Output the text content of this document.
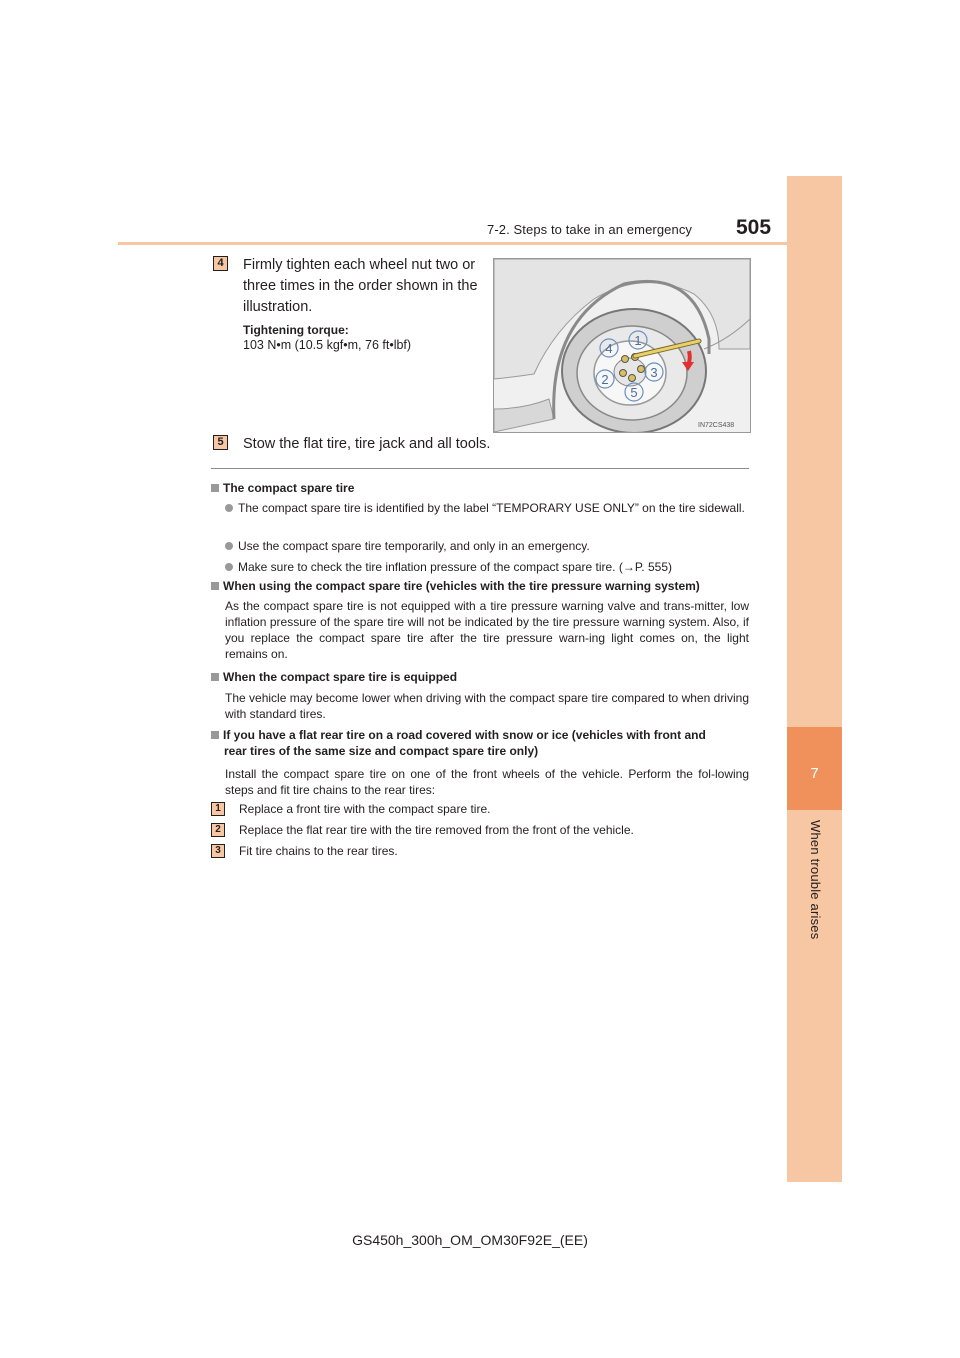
7-2. Steps to take in an emergency 505
7
When trouble arises
4	Firmly tighten each wheel nut two or three times in the order shown in the illustration.
Tightening torque:
103 N•m (10.5 kgf•m, 76 ft•lbf)	1
4
3
2
5
IN72CS438
5	Stow the flat tire, tire jack and all tools.
The compact spare tire
The compact spare tire is identified by the label “TEMPORARY USE ONLY” on the tire sidewall.
Use the compact spare tire temporarily, and only in an emergency.
Make sure to check the tire inflation pressure of the compact spare tire. (→P. 555)
When using the compact spare tire (vehicles with the tire pressure warning system)
As the compact spare tire is not equipped with a tire pressure warning valve and trans-mitter, low inflation pressure of the spare tire will not be indicated by the tire pressure warning system. Also, if you replace the compact spare tire after the tire pressure warn-ing light comes on, the light remains on.
When the compact spare tire is equipped
The vehicle may become lower when driving with the compact spare tire compared to when driving with standard tires.
If you have a flat rear tire on a road covered with snow or ice (vehicles with front and
rear tires of the same size and compact spare tire only)
Install the compact spare tire on one of the front wheels of the vehicle. Perform the fol-lowing steps and fit tire chains to the rear tires:
1	Replace a front tire with the compact spare tire.
2	Replace the flat rear tire with the tire removed from the front of the vehicle.
3	Fit tire chains to the rear tires.
GS450h_300h_OM_OM30F92E_(EE)
